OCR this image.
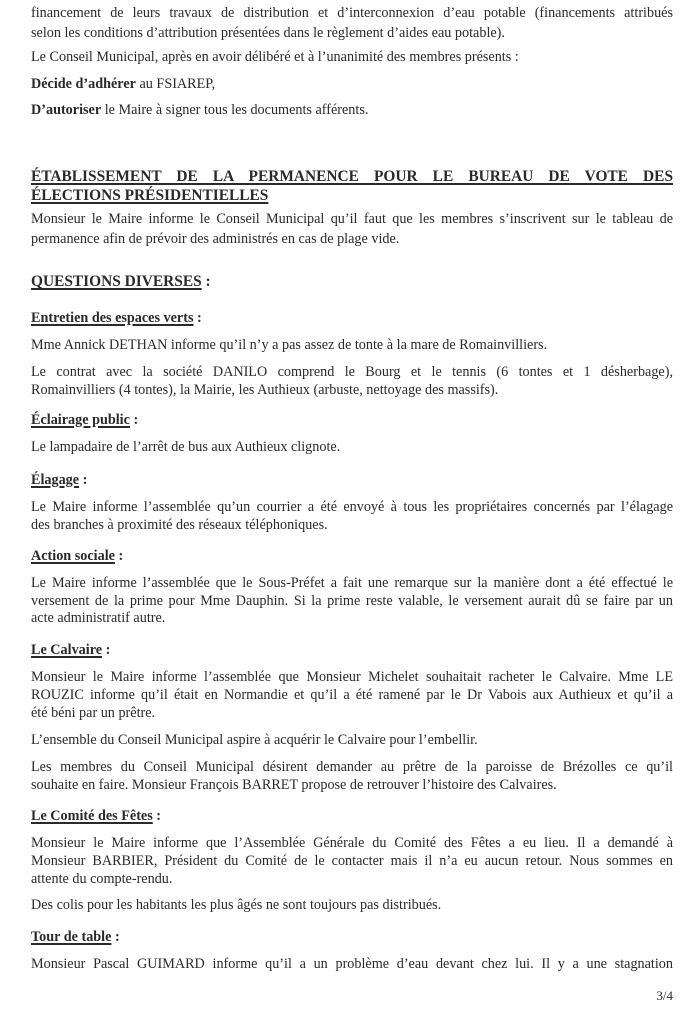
financement de leurs travaux de distribution et d’interconnexion d’eau potable (financements attribués
selon les conditions d’attribution présentées dans le règlement d’aides eau potable).
Le Conseil Municipal, après en avoir délibéré et à l’unanimité des membres présents :
Décide d’adhérer au FSIAREP,
D’autoriser le Maire à signer tous les documents afférents.
ÉTABLISSEMENT DE LA PERMANENCE POUR LE BUREAU DE VOTE DES
ÉLECTIONS PRÉSIDENTIELLES
Monsieur le Maire informe le Conseil Municipal qu’il faut que les membres s’inscrivent sur le tableau de
permanence afin de prévoir des administrés en cas de plage vide.
QUESTIONS DIVERSES :
Entretien des espaces verts :
Mme Annick DETHAN informe qu’il n’y a pas assez de tonte à la mare de Romainvilliers.
Le contrat avec la société DANILO comprend le Bourg et le tennis (6 tontes et 1 désherbage),
Romainvilliers (4 tontes), la Mairie, les Authieux (arbuste, nettoyage des massifs).
Éclairage public :
Le lampadaire de l’arrêt de bus aux Authieux clignote.
Élagage :
Le Maire informe l’assemblée qu’un courrier a été envoyé à tous les propriétaires concernés par l’élagage
des branches à proximité des réseaux téléphoniques.
Action sociale :
Le Maire informe l’assemblée que le Sous-Préfet a fait une remarque sur la manière dont a été effectué le
versement de la prime pour Mme Dauphin. Si la prime reste valable, le versement aurait dû se faire par un
acte administratif autre.
Le Calvaire :
Monsieur le Maire informe l’assemblée que Monsieur Michelet souhaitait racheter le Calvaire. Mme LE
ROUZIC informe qu’il était en Normandie et qu’il a été ramené par le Dr Vabois aux Authieux et qu’il a
été béni par un prêtre.
L’ensemble du Conseil Municipal aspire à acquérir le Calvaire pour l’embellir.
Les membres du Conseil Municipal désirent demander au prêtre de la paroisse de Brézolles ce qu’il
souhaite en faire. Monsieur François BARRET propose de retrouver l’histoire des Calvaires.
Le Comité des Fêtes :
Monsieur le Maire informe que l’Assemblée Générale du Comité des Fêtes a eu lieu. Il a demandé à
Monsieur BARBIER, Président du Comité de le contacter mais il n’a eu aucun retour. Nous sommes en
attente du compte-rendu.
Des colis pour les habitants les plus âgés ne sont toujours pas distribués.
Tour de table :
Monsieur Pascal GUIMARD informe qu’il a un problème d’eau devant chez lui. Il y a une stagnation
3/4
